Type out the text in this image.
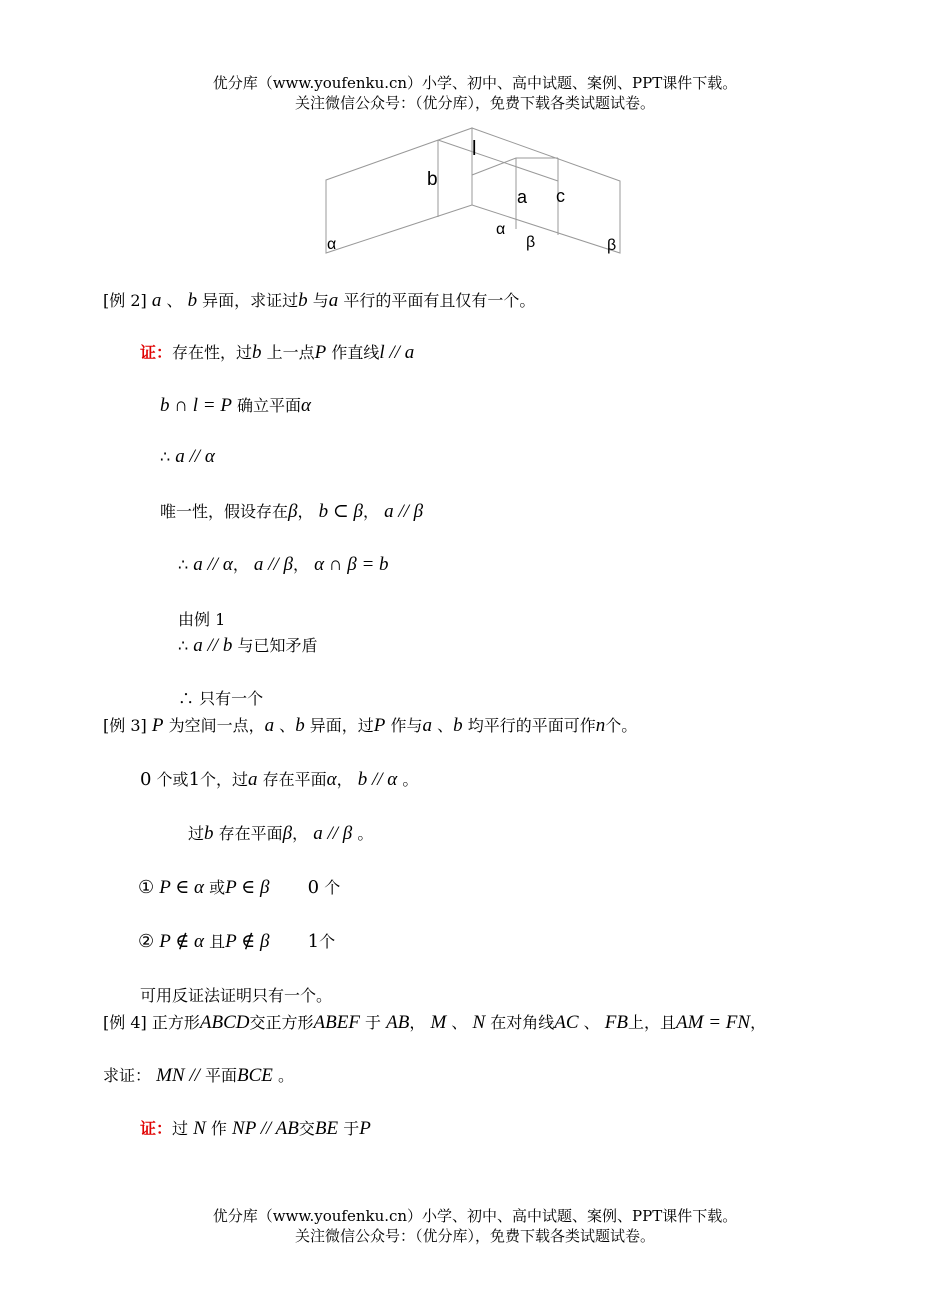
优分库（www.youfenku.cn）小学、初中、高中试题、案例、PPT课件下载。
关注微信公众号：（优分库），免费下载各类试题试卷。
l
b
a c
α
α
β	β
[例 2] a 、 b 异面，求证过b 与a 平行的平面有且仅有一个。
证：存在性，过b 上一点P 作直线l // a
b ∩ l = P 确立平面α
∴ a // α
唯一性，假设存在β， b ⊂ β， a // β
∴ a // α， a // β， α ∩ β = b
由例 1
∴ a // b 与已知矛盾
∴ 只有一个
[例 3] P 为空间一点，a 、b 异面，过P 作与a 、b 均平行的平面可作n个。
0 个或1个，过a 存在平面α， b // α 。
过b 存在平面β， a // β 。
① P ∈ α 或P ∈ β 0 个
② P ∉ α 且P ∉ β 1个
可用反证法证明只有一个。
[例 4] 正方形ABCD交正方形ABEF 于 AB， M 、 N 在对角线AC 、 FB上，且AM = FN，
求证： MN // 平面BCE 。
证：过 N 作 NP // AB交BE 于P
优分库（www.youfenku.cn）小学、初中、高中试题、案例、PPT课件下载。
关注微信公众号：（优分库），免费下载各类试题试卷。
